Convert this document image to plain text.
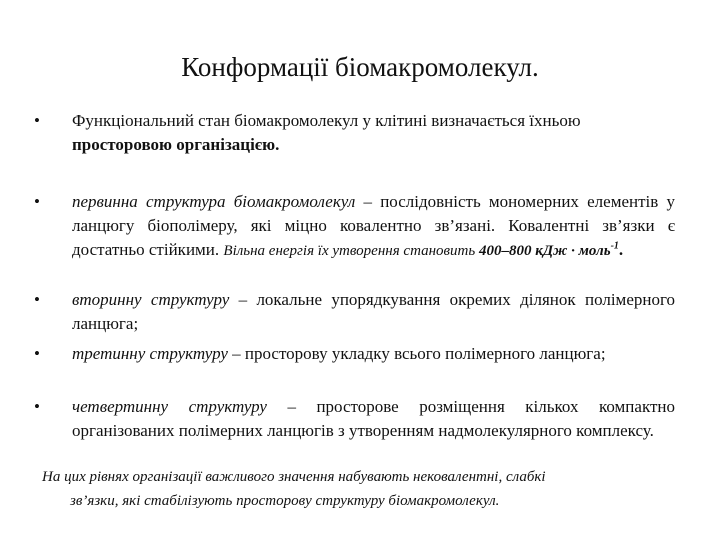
Конформації біомакромолекул.
• Функціональний стан біомакромолекул у клітині визначається їхньою
просторовою організацією.
• первинна структура біомакромолекул – послідовність мономерних елементів у ланцюгу біополімеру, які міцно ковалентно зв’язані. Ковалентні зв’язки є достатньо стійкими. Вільна енергія їх утворення становить 400–800 кДж · моль$^{-1}$.
• вторинну структуру – локальне упорядкування окремих ділянок полімерного ланцюга;
• третинну структуру – просторову укладку всього полімерного ланцюга;
• четвертинну структуру – просторове розміщення кількох компактно організованих полімерних ланцюгів з утворенням надмолекулярного комплексу.
На цих рівнях організації важливого значення набувають нековалентні, слабкі
зв’язки, які стабілізують просторову структуру біомакромолекул.
